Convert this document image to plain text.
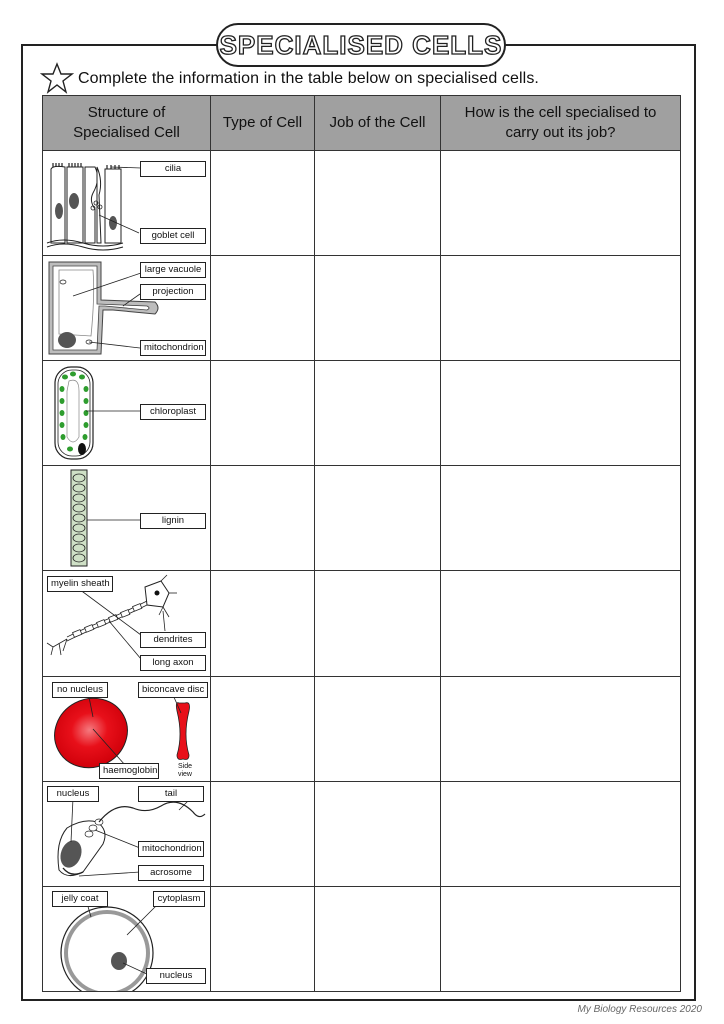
SPECIALISED CELLS
Complete the information in the table below on specialised cells.
Structure of Specialised Cell	Type of Cell	Job of the Cell	How is the cell specialised to carry out its job?

cilia
goblet cell			

large vacuole
projection
mitochondrion			

chloroplast			

lignin			

myelin sheath
dendrites
long axon			

no nucleus biconcave disc
haemoglobin Side view			

nucleus tail
mitochondrion
acrosome			

jelly coat cytoplasm
nucleus			

My Biology Resources 2020
